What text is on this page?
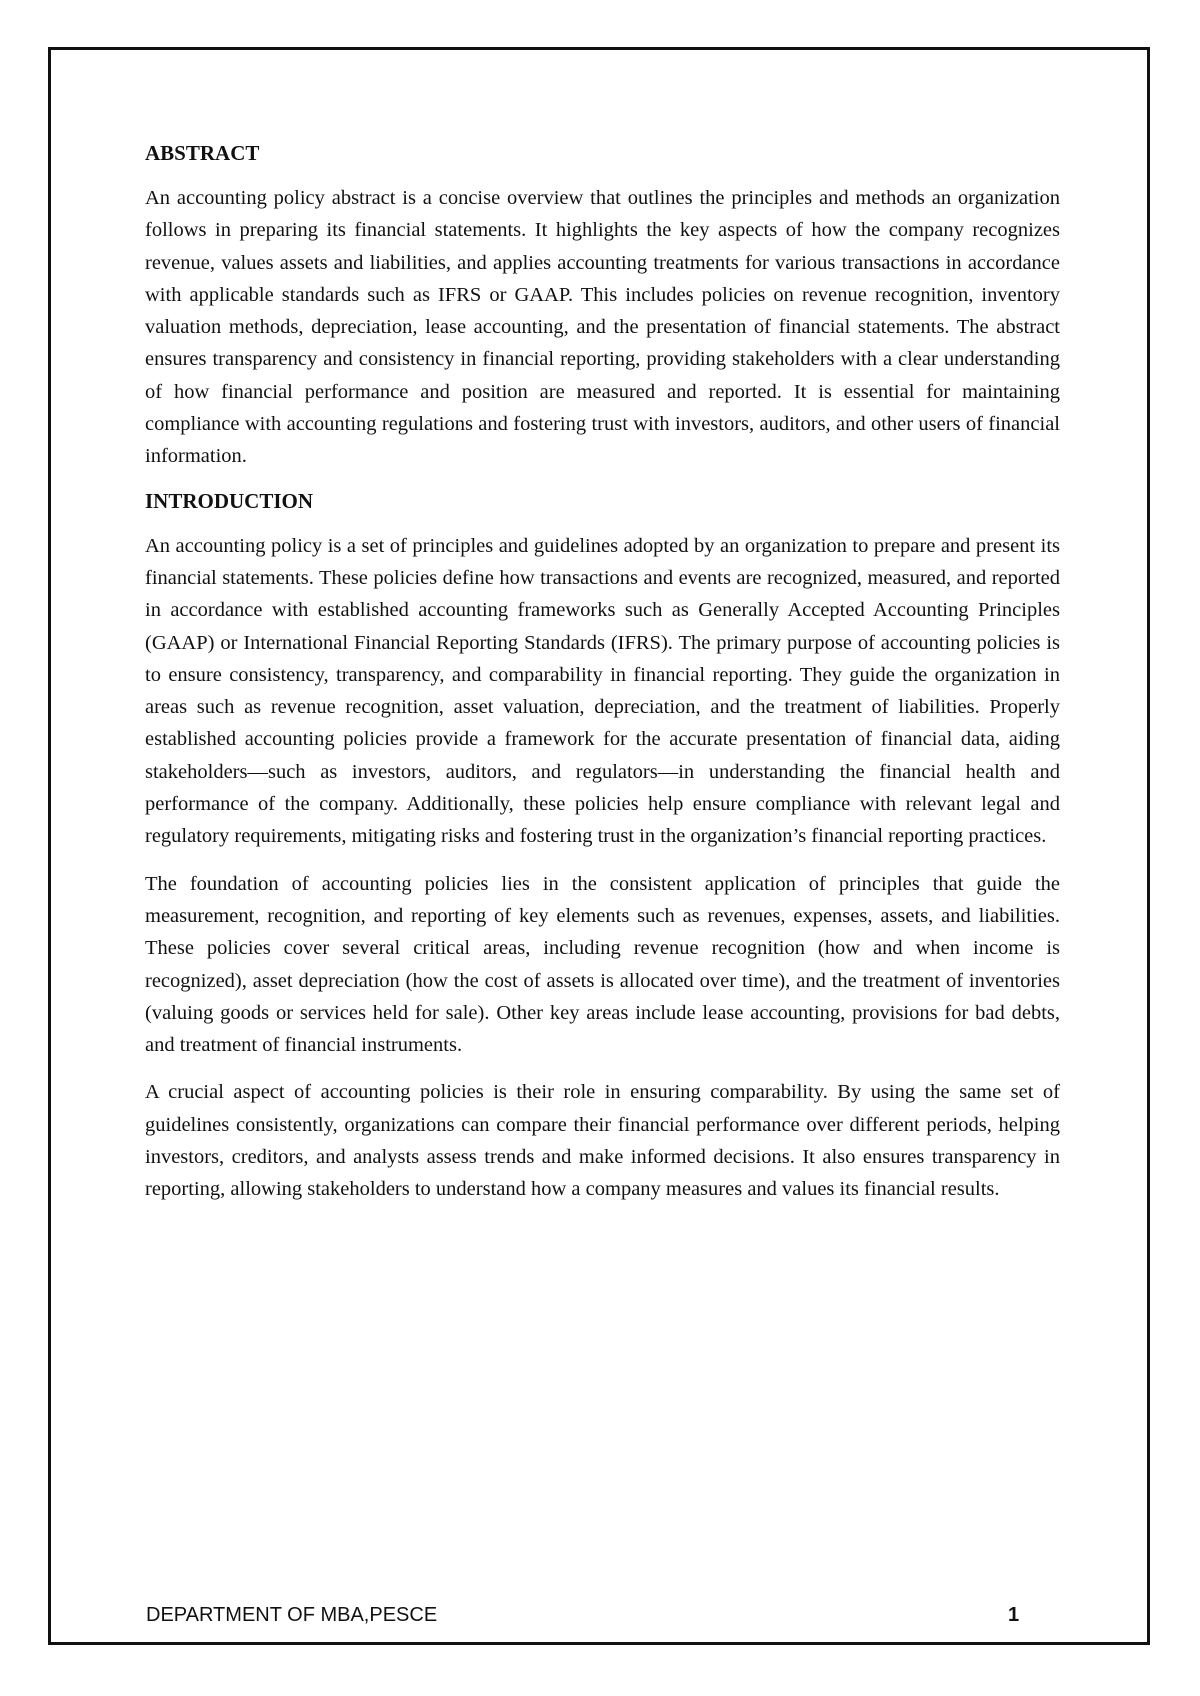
ABSTRACT

An accounting policy abstract is a concise overview that outlines the principles and methods an organization follows in preparing its financial statements. It highlights the key aspects of how the company recognizes revenue, values assets and liabilities, and applies accounting treatments for various transactions in accordance with applicable standards such as IFRS or GAAP. This includes policies on revenue recognition, inventory valuation methods, depreciation, lease accounting, and the presentation of financial statements. The abstract ensures transparency and consistency in financial reporting, providing stakeholders with a clear understanding of how financial performance and position are measured and reported. It is essential for maintaining compliance with accounting regulations and fostering trust with investors, auditors, and other users of financial information.

INTRODUCTION

An accounting policy is a set of principles and guidelines adopted by an organization to prepare and present its financial statements. These policies define how transactions and events are recognized, measured, and reported in accordance with established accounting frameworks such as Generally Accepted Accounting Principles (GAAP) or International Financial Reporting Standards (IFRS). The primary purpose of accounting policies is to ensure consistency, transparency, and comparability in financial reporting. They guide the organization in areas such as revenue recognition, asset valuation, depreciation, and the treatment of liabilities. Properly established accounting policies provide a framework for the accurate presentation of financial data, aiding stakeholders—such as investors, auditors, and regulators—in understanding the financial health and performance of the company. Additionally, these policies help ensure compliance with relevant legal and regulatory requirements, mitigating risks and fostering trust in the organization’s financial reporting practices.

The foundation of accounting policies lies in the consistent application of principles that guide the measurement, recognition, and reporting of key elements such as revenues, expenses, assets, and liabilities. These policies cover several critical areas, including revenue recognition (how and when income is recognized), asset depreciation (how the cost of assets is allocated over time), and the treatment of inventories (valuing goods or services held for sale). Other key areas include lease accounting, provisions for bad debts, and treatment of financial instruments.

A crucial aspect of accounting policies is their role in ensuring comparability. By using the same set of guidelines consistently, organizations can compare their financial performance over different periods, helping investors, creditors, and analysts assess trends and make informed decisions. It also ensures transparency in reporting, allowing stakeholders to understand how a company measures and values its financial results.

DEPARTMENT OF MBA,PESCE	1
